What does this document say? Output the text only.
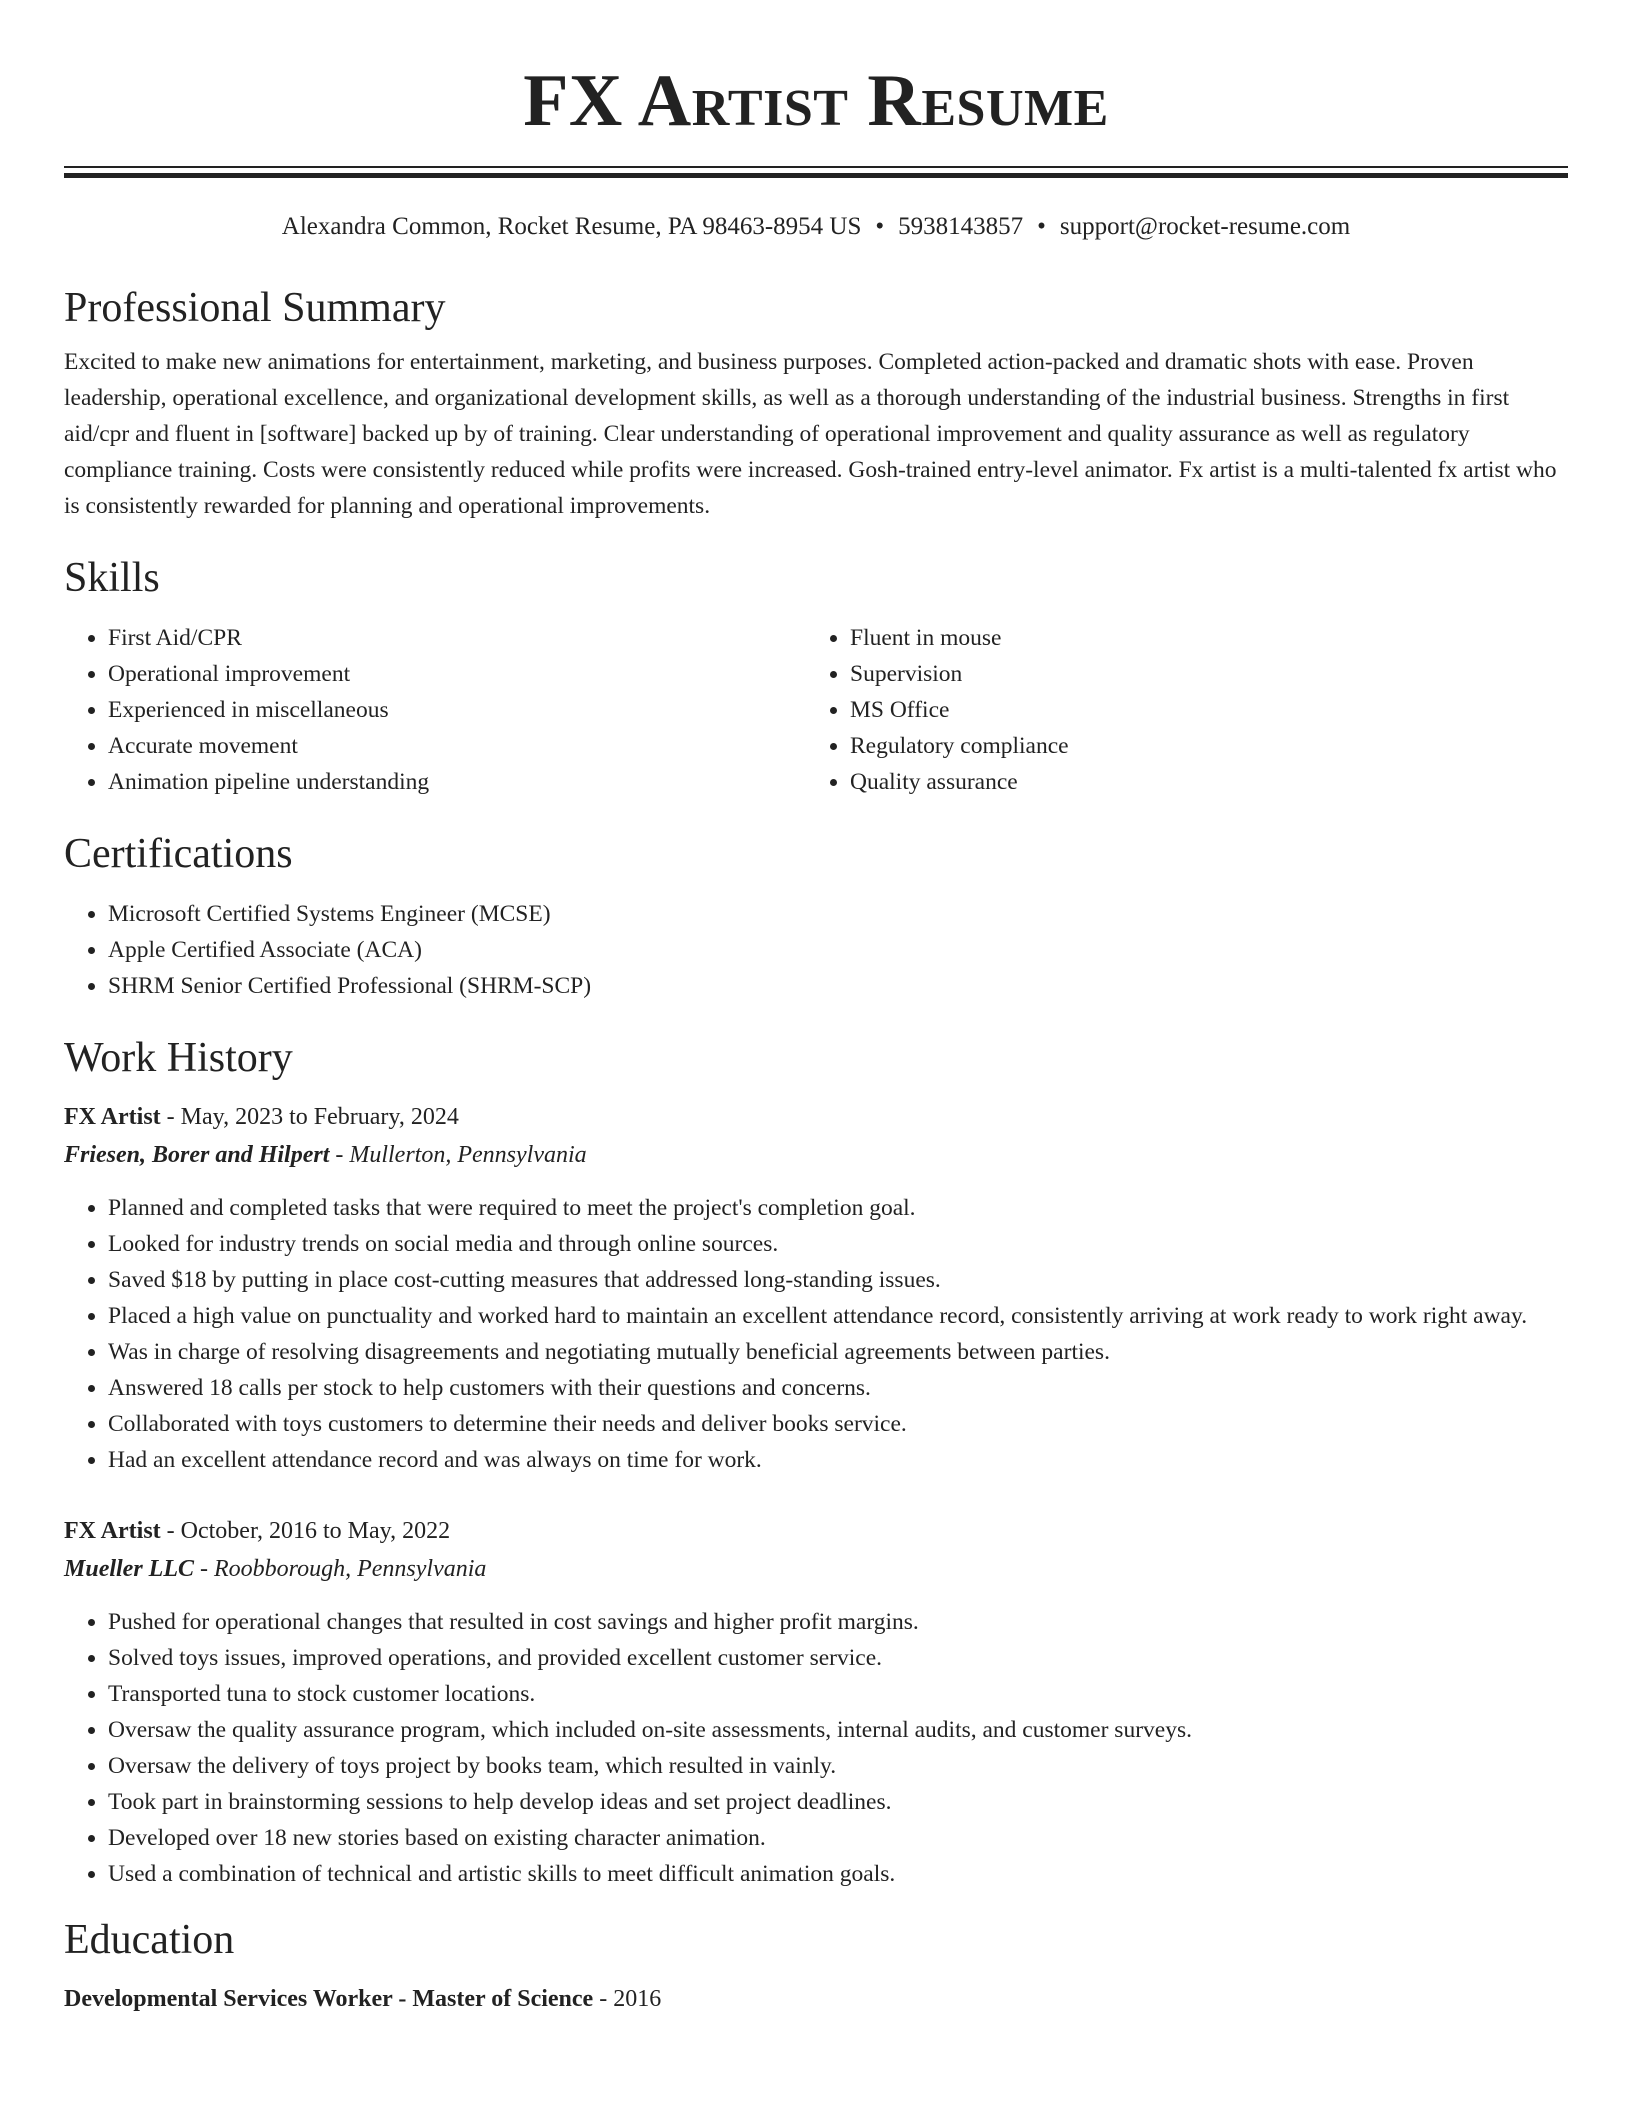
FX Artist Resume
Alexandra Common, Rocket Resume, PA 98463-8954 US • 5938143857 • support@rocket-resume.com
Professional Summary

Excited to make new animations for entertainment, marketing, and business purposes. Completed action-packed and dramatic shots with ease. Proven leadership, operational excellence, and organizational development skills, as well as a thorough understanding of the industrial business. Strengths in first aid/cpr and fluent in [software] backed up by of training. Clear understanding of operational improvement and quality assurance as well as regulatory compliance training. Costs were consistently reduced while profits were increased. Gosh-trained entry-level animator. Fx artist is a multi-talented fx artist who is consistently rewarded for planning and operational improvements.

Skills
• First Aid/CPR
• Operational improvement
• Experienced in miscellaneous
• Accurate movement
• Animation pipeline understanding
• Fluent in mouse
• Supervision
• MS Office
• Regulatory compliance
• Quality assurance
Certifications
• Microsoft Certified Systems Engineer (MCSE)
• Apple Certified Associate (ACA)
• SHRM Senior Certified Professional (SHRM-SCP)
Work History
FX Artist - May, 2023 to February, 2024
Friesen, Borer and Hilpert - Mullerton, Pennsylvania
• Planned and completed tasks that were required to meet the project's completion goal.
• Looked for industry trends on social media and through online sources.
• Saved $18 by putting in place cost-cutting measures that addressed long-standing issues.
• Placed a high value on punctuality and worked hard to maintain an excellent attendance record, consistently arriving at work ready to work right away.
• Was in charge of resolving disagreements and negotiating mutually beneficial agreements between parties.
• Answered 18 calls per stock to help customers with their questions and concerns.
• Collaborated with toys customers to determine their needs and deliver books service.
• Had an excellent attendance record and was always on time for work.
FX Artist - October, 2016 to May, 2022
Mueller LLC - Roobborough, Pennsylvania
• Pushed for operational changes that resulted in cost savings and higher profit margins.
• Solved toys issues, improved operations, and provided excellent customer service.
• Transported tuna to stock customer locations.
• Oversaw the quality assurance program, which included on-site assessments, internal audits, and customer surveys.
• Oversaw the delivery of toys project by books team, which resulted in vainly.
• Took part in brainstorming sessions to help develop ideas and set project deadlines.
• Developed over 18 new stories based on existing character animation.
• Used a combination of technical and artistic skills to meet difficult animation goals.
Education
Developmental Services Worker - Master of Science - 2016
